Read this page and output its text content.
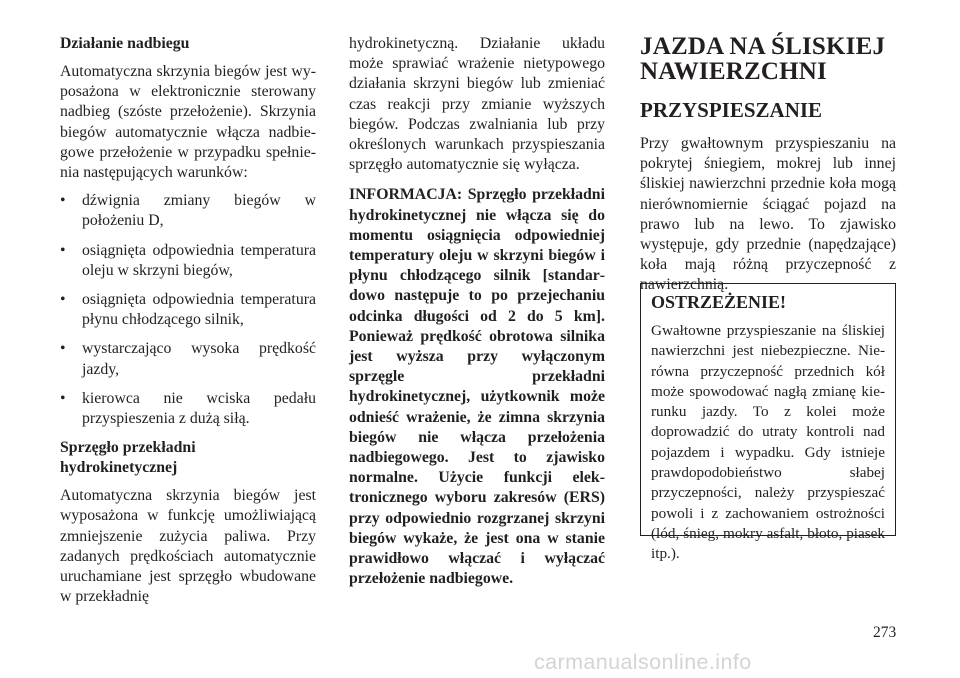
Działanie nadbiegu

Automatyczna skrzynia biegów jest wyposażona w elektronicznie sterowany nadbieg (szóste przełożenie). Skrzynia biegów automatycznie włącza nadbiegowe przełożenie w przypadku spełnienia następujących warunków:

• dźwignia zmiany biegów w położeniu D,
• osiągnięta odpowiednia temperatura oleju w skrzyni biegów,
• osiągnięta odpowiednia temperatura płynu chłodzącego silnik,
• wystarczająco wysoka prędkość jazdy,
• kierowca nie wciska pedału przyspieszenia z dużą siłą.

Sprzęgło przekładni hydrokinetycznej

Automatyczna skrzynia biegów jest wyposażona w funkcję umożliwiającą zmniejszenie zużycia paliwa. Przy zadanych prędkościach automatycznie uruchamiane jest sprzęgło wbudowane w przekładnię

hydrokinetyczną. Działanie układu może sprawiać wrażenie nietypowego działania skrzyni biegów lub zmieniać czas reakcji przy zmianie wyższych biegów. Podczas zwalniania lub przy określonych warunkach przyspieszania sprzęgło automatycznie się wyłącza.

INFORMACJA: Sprzęgło przekładni hydrokinetycznej nie włącza się do momentu osiągnięcia odpowiedniej temperatury oleju w skrzyni biegów i płynu chłodzącego silnik [standardowo następuje to po przejechaniu odcinka długości od 2 do 5 km]. Ponieważ prędkość obrotowa silnika jest wyższa przy wyłączonym sprzęgle przekładni hydrokinetycznej, użytkownik może odnieść wrażenie, że zimna skrzynia biegów nie włącza przełożenia nadbiegowego. Jest to zjawisko normalne. Użycie funkcji elektronicznego wyboru zakresów (ERS) przy odpowiednio rozgrzanej skrzyni biegów wykaże, że jest ona w stanie prawidłowo włączać i wyłączać przełożenie nadbiegowe.

JAZDA NA ŚLISKIEJ
NAWIERZCHNI
PRZYSPIESZANIE

Przy gwałtownym przyspieszaniu na pokrytej śniegiem, mokrej lub innej śliskiej nawierzchni przednie koła mogą nierównomiernie ściągać pojazd na prawo lub na lewo. To zjawisko występuje, gdy przednie (napędzające) koła mają różną przyczepność z nawierzchnią.

OSTRZEŻENIE!

Gwałtowne przyspieszanie na śliskiej nawierzchni jest niebezpieczne. Nierówna przyczepność przednich kół może spowodować nagłą zmianę kierunku jazdy. To z kolei może doprowadzić do utraty kontroli nad pojazdem i wypadku. Gdy istnieje prawdopodobieństwo słabej przyczepności, należy przyspieszać powoli i z zachowaniem ostrożności (lód, śnieg, mokry asfalt, błoto, piasek itp.).

273
carmanualsonline.info
